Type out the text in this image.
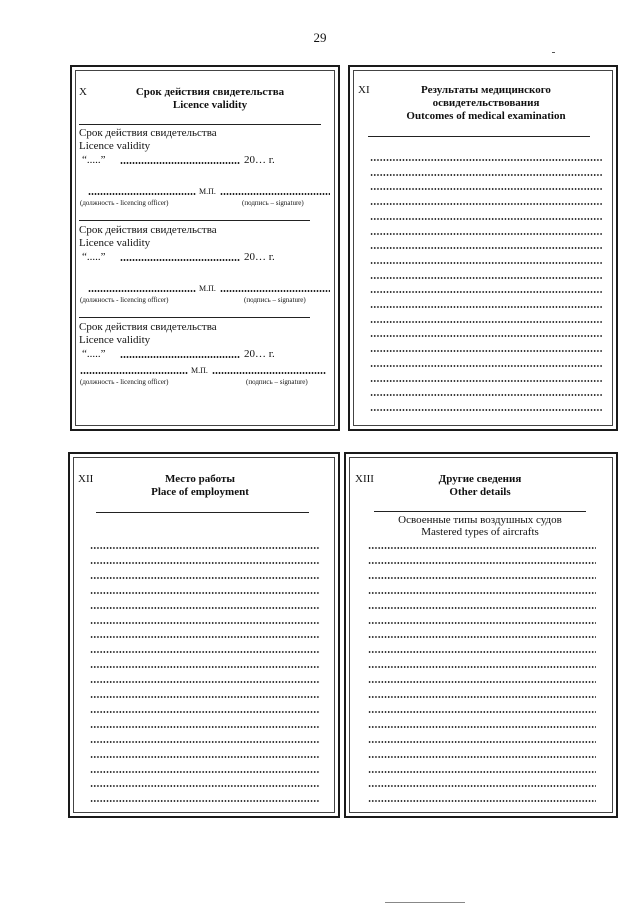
29
X	Срок действия свидетельства
Licence validity
Срок действия свидетельства
Licence validity
“.....”	20… г.
М.П.
(должность - licencing officer)	(подпись – signature)
Срок действия свидетельства
Licence validity
“.....”	20… г.
М.П.
(должность - licencing officer)	(подпись – signature)
Срок действия свидетельства
Licence validity
“.....”	20… г.
М.П.
(должность - licencing officer)	(подпись – signature)
XI	Результаты медицинского
освидетельствования
Outcomes of medical examination
XII	Место работы
Place of employment
XIII	Другие сведения
Other details
Освоенные типы воздушных судов
Mastered types of aircrafts
